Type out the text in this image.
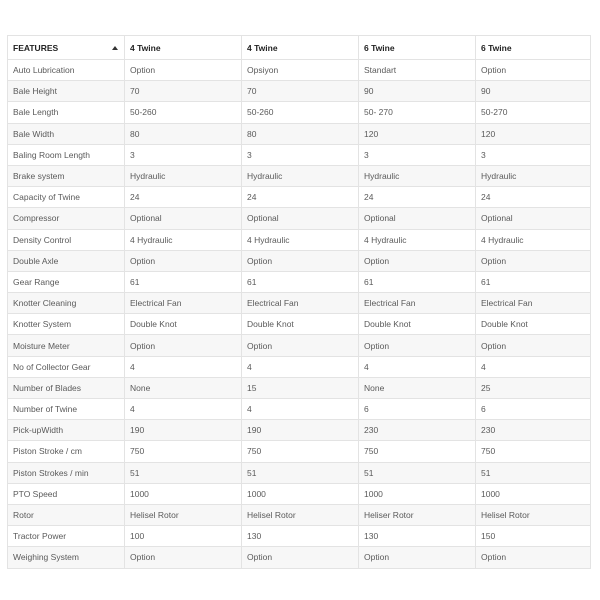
FEATURES	4 Twine	4 Twine	6 Twine	6 Twine
Auto Lubrication	Option	Opsiyon	Standart	Option
Bale Height	70	70	90	90
Bale Length	50-260	50-260	50- 270	50-270
Bale Width	80	80	120	120
Baling Room Length	3	3	3	3
Brake system	Hydraulic	Hydraulic	Hydraulic	Hydraulic
Capacity of Twine	24	24	24	24
Compressor	Optional	Optional	Optional	Optional
Density Control	4 Hydraulic	4 Hydraulic	4 Hydraulic	4 Hydraulic
Double Axle	Option	Option	Option	Option
Gear Range	61	61	61	61
Knotter Cleaning	Electrical Fan	Electrical Fan	Electrical Fan	Electrical Fan
Knotter System	Double Knot	Double Knot	Double Knot	Double Knot
Moisture Meter	Option	Option	Option	Option
No of Collector Gear	4	4	4	4
Number of Blades	None	15	None	25
Number of Twine	4	4	6	6
Pick-upWidth	190	190	230	230
Piston Stroke / cm	750	750	750	750
Piston Strokes / min	51	51	51	51
PTO Speed	1000	1000	1000	1000
Rotor	Helisel Rotor	Helisel Rotor	Heliser Rotor	Helisel Rotor
Tractor Power	100	130	130	150
Weighing System	Option	Option	Option	Option
